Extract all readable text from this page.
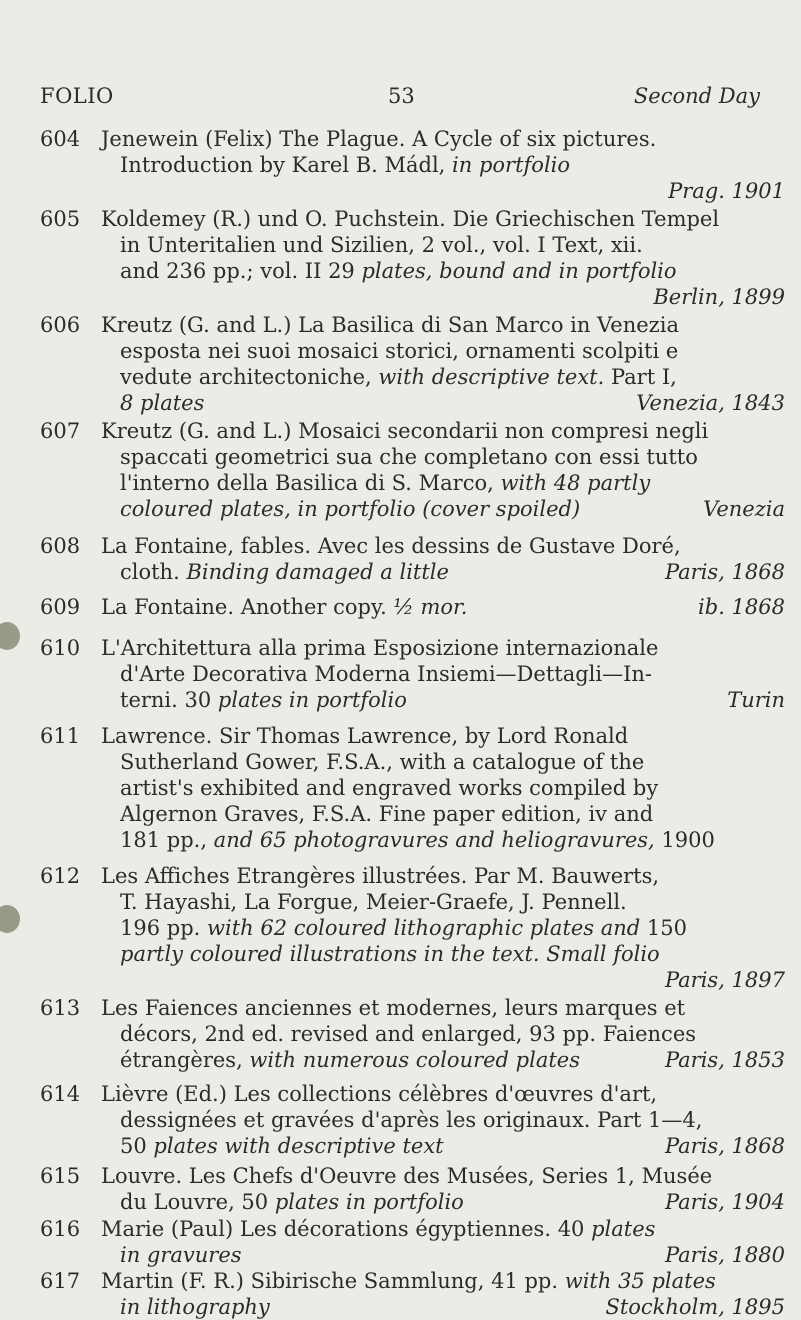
FOLIO	53	Second Day
604 Jenewein (Felix) The Plague. A Cycle of six pictures.
Introduction by Karel B. Mádl, in portfolio
Prag. 1901
605 Koldemey (R.) und O. Puchstein. Die Griechischen Tempel
in Unteritalien und Sizilien, 2 vol., vol. I Text, xii.
and 236 pp.; vol. II 29 plates, bound and in portfolio
Berlin, 1899
606 Kreutz (G. and L.) La Basilica di San Marco in Venezia
esposta nei suoi mosaici storici, ornamenti scolpiti e
vedute architectoniche, with descriptive text. Part I,
8 plates	Venezia, 1843
607 Kreutz (G. and L.) Mosaici secondarii non compresi negli
spaccati geometrici sua che completano con essi tutto
l'interno della Basilica di S. Marco, with 48 partly
coloured plates, in portfolio (cover spoiled)	Venezia
608 La Fontaine, fables. Avec les dessins de Gustave Doré,
cloth. Binding damaged a little	Paris, 1868
609 La Fontaine. Another copy. ½ mor.	ib. 1868
610 L'Architettura alla prima Esposizione internazionale
d'Arte Decorativa Moderna Insiemi—Dettagli—In-
terni. 30 plates in portfolio	Turin
611 Lawrence. Sir Thomas Lawrence, by Lord Ronald
Sutherland Gower, F.S.A., with a catalogue of the
artist's exhibited and engraved works compiled by
Algernon Graves, F.S.A. Fine paper edition, iv and
181 pp., and 65 photogravures and heliogravures, 1900
612 Les Affiches Etrangères illustrées. Par M. Bauwerts,
T. Hayashi, La Forgue, Meier-Graefe, J. Pennell.
196 pp. with 62 coloured lithographic plates and 150
partly coloured illustrations in the text. Small folio
Paris, 1897
613 Les Faiences anciennes et modernes, leurs marques et
décors, 2nd ed. revised and enlarged, 93 pp. Faiences
étrangères, with numerous coloured plates	Paris, 1853
614 Lièvre (Ed.) Les collections célèbres d'œuvres d'art,
dessignées et gravées d'après les originaux. Part 1—4,
50 plates with descriptive text	Paris, 1868
615 Louvre. Les Chefs d'Oeuvre des Musées, Series 1, Musée
du Louvre, 50 plates in portfolio	Paris, 1904
616 Marie (Paul) Les décorations égyptiennes. 40 plates
in gravures	Paris, 1880
617 Martin (F. R.) Sibirische Sammlung, 41 pp. with 35 plates
in lithography	Stockholm, 1895
